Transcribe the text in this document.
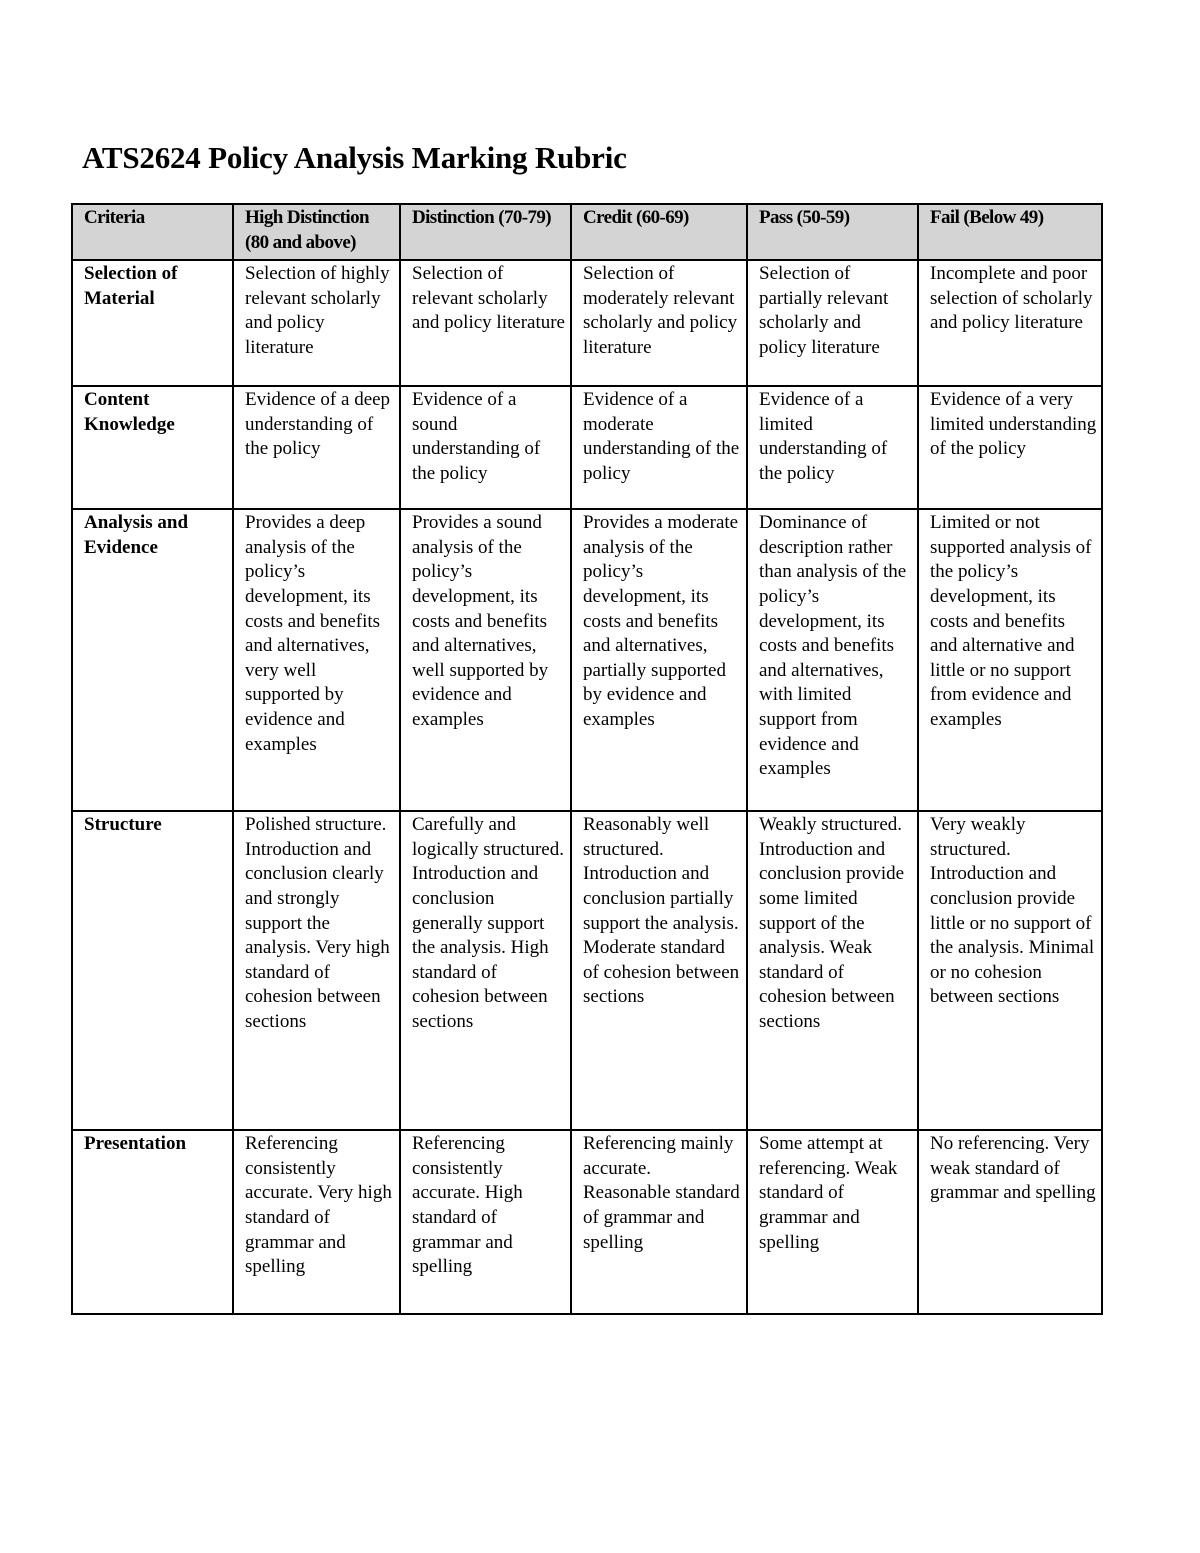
ATS2624 Policy Analysis Marking Rubric
Criteria	High Distinction (80 and above)	Distinction (70-79)	Credit (60-69)	Pass (50-59)	Fail (Below 49)
Selection of Material	Selection of highly relevant scholarly and policy literature	Selection of relevant scholarly and policy literature	Selection of moderately relevant scholarly and policy literature	Selection of partially relevant scholarly and policy literature	Incomplete and poor selection of scholarly and policy literature
Content Knowledge	Evidence of a deep understanding of the policy	Evidence of a sound understanding of the policy	Evidence of a moderate understanding of the policy	Evidence of a limited understanding of the policy	Evidence of a very limited understanding of the policy
Analysis and Evidence	Provides a deep analysis of the policy’s development, its costs and benefits and alternatives, very well supported by evidence and examples	Provides a sound analysis of the policy’s development, its costs and benefits and alternatives, well supported by evidence and examples	Provides a moderate analysis of the policy’s development, its costs and benefits and alternatives, partially supported by evidence and examples	Dominance of description rather than analysis of the policy’s development, its costs and benefits and alternatives, with limited support from evidence and examples	Limited or not supported analysis of the policy’s development, its costs and benefits and alternative and little or no support from evidence and examples
Structure	Polished structure. Introduction and conclusion clearly and strongly support the analysis. Very high standard of cohesion between sections	Carefully and logically structured. Introduction and conclusion generally support the analysis. High standard of cohesion between sections	Reasonably well structured. Introduction and conclusion partially support the analysis. Moderate standard of cohesion between sections	Weakly structured. Introduction and conclusion provide some limited support of the analysis. Weak standard of cohesion between sections	Very weakly structured. Introduction and conclusion provide little or no support of the analysis. Minimal or no cohesion between sections
Presentation	Referencing consistently accurate. Very high standard of grammar and spelling	Referencing consistently accurate. High standard of grammar and spelling	Referencing mainly accurate. Reasonable standard of grammar and spelling	Some attempt at referencing. Weak standard of grammar and spelling	No referencing. Very weak standard of grammar and spelling
